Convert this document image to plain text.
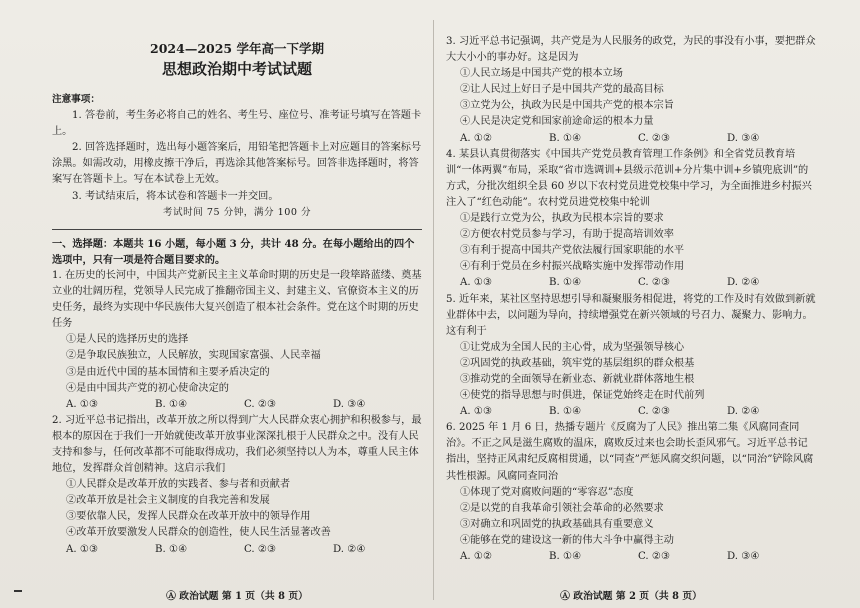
2024—2025 学年高一下学期
思想政治期中考试试题
注意事项：

1. 答卷前，考生务必将自己的姓名、考生号、座位号、准考证号填写在答题卡上。

2. 回答选择题时，选出每小题答案后，用铅笔把答题卡上对应题目的答案标号涂黑。如需改动，用橡皮擦干净后，再选涂其他答案标号。回答非选择题时，将答案写在答题卡上。写在本试卷上无效。

3. 考试结束后，将本试卷和答题卡一并交回。

考试时间 75 分钟，满分 100 分

一、选择题：本题共 16 小题，每小题 3 分，共计 48 分。在每小题给出的四个选项中，只有一项是符合题目要求的。

1. 在历史的长河中，中国共产党新民主主义革命时期的历史是一段筚路蓝缕、奠基立业的壮阔历程，党领导人民完成了推翻帝国主义、封建主义、官僚资本主义的历史任务，最终为实现中华民族伟大复兴创造了根本社会条件。党在这个时期的历史任务

①是人民的选择历史的选择

②是争取民族独立，人民解放，实现国家富强、人民幸福

③是由近代中国的基本国情和主要矛盾决定的

④是由中国共产党的初心使命决定的

A. ①③	B. ①④	C. ②③	D. ③④

2. 习近平总书记指出，改革开放之所以得到广大人民群众衷心拥护和积极参与，最根本的原因在于我们一开始就使改革开放事业深深扎根于人民群众之中。没有人民支持和参与，任何改革都不可能取得成功，我们必须坚持以人为本，尊重人民主体地位，发挥群众首创精神。这启示我们

①人民群众是改革开放的实践者、参与者和贡献者

②改革开放是社会主义制度的自我完善和发展

③要依靠人民，发挥人民群众在改革开放中的领导作用

④改革开放要激发人民群众的创造性，使人民生活显著改善

A. ①③	B. ①④	C. ②③	D. ②④

3. 习近平总书记强调，共产党是为人民服务的政党，为民的事没有小事，要把群众大大小小的事办好。这是因为

①人民立场是中国共产党的根本立场

②让人民过上好日子是中国共产党的最高目标

③立党为公，执政为民是中国共产党的根本宗旨

④人民是决定党和国家前途命运的根本力量

A. ①②	B. ①④	C. ②③	D. ③④

4. 某县认真贯彻落实《中国共产党党员教育管理工作条例》和全省党员教育培训“一体两翼”布局，采取“省市选调训+县级示范训+分片集中训+乡镇兜底训”的方式，分批次组织全县 60 岁以下农村党员进党校集中学习，为全面推进乡村振兴注入了“红色动能”。农村党员进党校集中轮训

①是践行立党为公，执政为民根本宗旨的要求

②方便农村党员参与学习，有助于提高培训效率

③有利于提高中国共产党依法履行国家职能的水平

④有利于党员在乡村振兴战略实施中发挥带动作用

A. ①③	B. ①④	C. ②③	D. ②④

5. 近年来，某社区坚持思想引导和凝聚服务相促进，将党的工作及时有效做到新就业群体中去，以问题为导向，持续增强党在新兴领域的号召力、凝聚力、影响力。这有利于

①让党成为全国人民的主心骨，成为坚强领导核心

②巩固党的执政基础，筑牢党的基层组织的群众根基

③推动党的全面领导在新业态、新就业群体落地生根

④使党的指导思想与时俱进，保证党始终走在时代前列

A. ①③	B. ①④	C. ②③	D. ②④

6. 2025 年 1 月 6 日，热播专题片《反腐为了人民》推出第二集《风腐同查同治》。不正之风是滋生腐败的温床，腐败反过来也会助长歪风邪气。习近平总书记指出，坚持正风肃纪反腐相贯通，以“同查”严惩风腐交织问题，以“同治”铲除风腐共性根源。风腐同查同治

①体现了党对腐败问题的“零容忍”态度

②是以党的自我革命引领社会革命的必然要求

③对确立和巩固党的执政基础具有重要意义

④能够在党的建设这一新的伟大斗争中赢得主动

A. ①②	B. ①④	C. ②③	D. ③④
Ⓐ 政治试题 第 1 页（共 8 页）	Ⓐ 政治试题 第 2 页（共 8 页）
